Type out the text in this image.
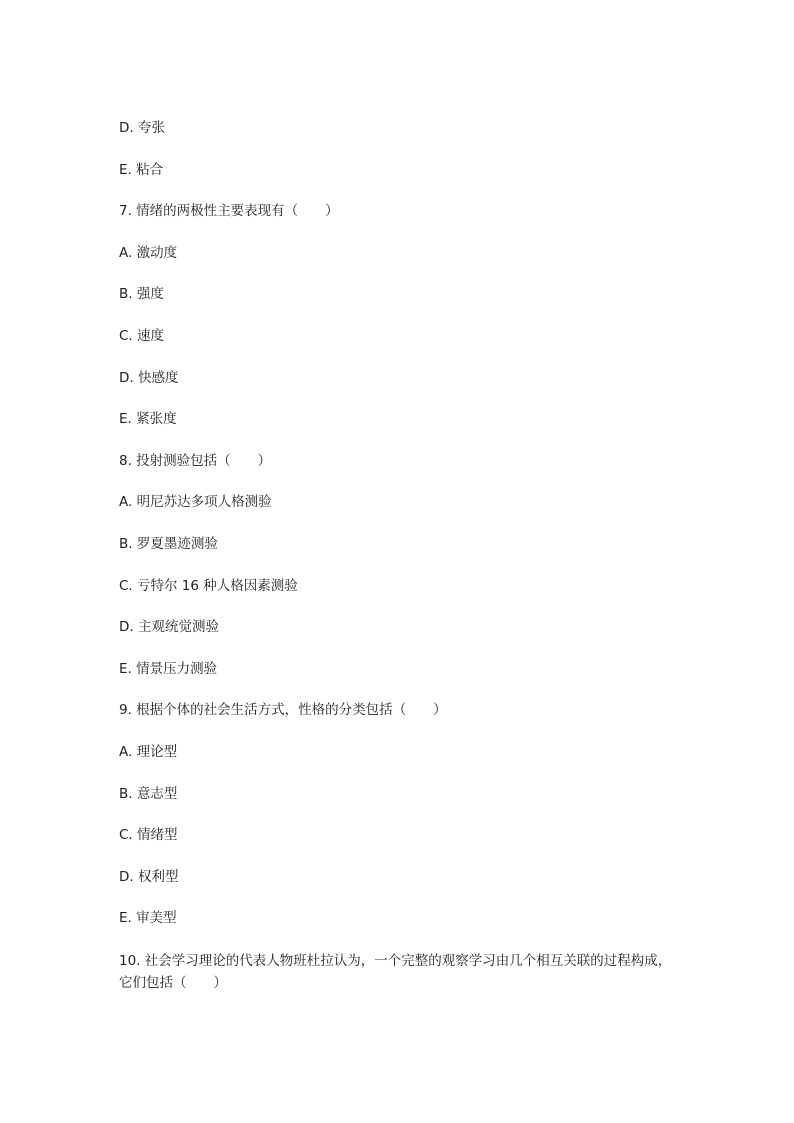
D. 夸张
E. 粘合
7. 情绪的两极性主要表现有（　　）
A. 激动度
B. 强度
C. 速度
D. 快感度
E. 紧张度
8. 投射测验包括（　　）
A. 明尼苏达多项人格测验
B. 罗夏墨迹测验
C. 亏特尔 16 种人格因素测验
D. 主观统觉测验
E. 情景压力测验
9. 根据个体的社会生活方式，性格的分类包括（　　）
A. 理论型
B. 意志型
C. 情绪型
D. 权利型
E. 审美型
10. 社会学习理论的代表人物班杜拉认为，一个完整的观察学习由几个相互关联的过程构成，它们包括（　　）
